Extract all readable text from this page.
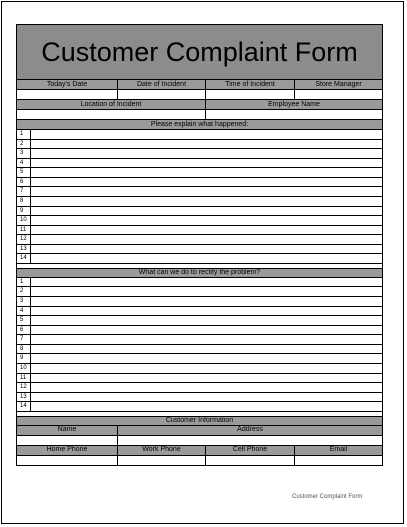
Customer Complaint Form
Today's Date	Date of Incident	Time of Incident	Store Manager
Location of Incident	Employee Name
Please explain what happened:
1
2
3
4
5
6
7
8
9
10
11
12
13
14
What can we do to rectify the problem?
1
2
3
4
5
6
7
8
9
10
11
12
13
14
Customer Information
Name	Address
Home Phone	Work Phone	Cell Phone	Email
Customer Complaint Form
